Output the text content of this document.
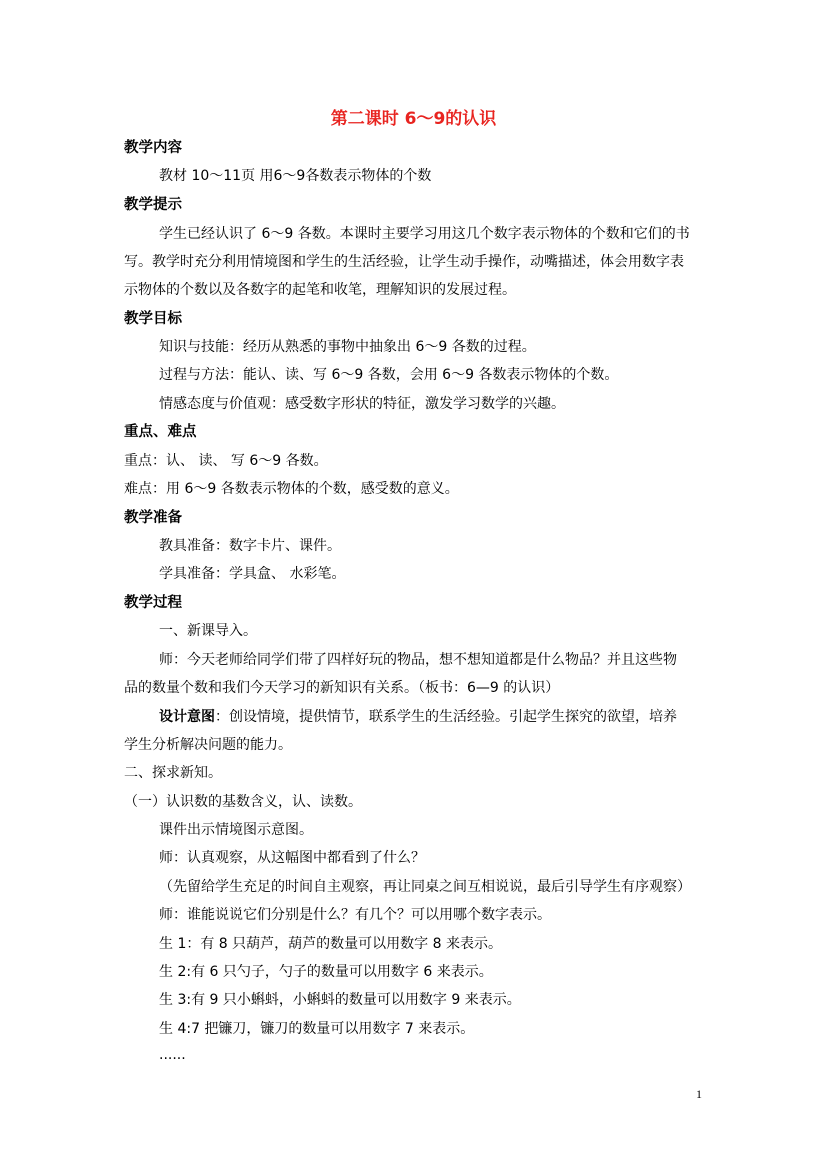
第二课时 6～9的认识
教学内容
教材 10～11页 用6～9各数表示物体的个数
教学提示
学生已经认识了 6～9 各数。本课时主要学习用这几个数字表示物体的个数和它们的书
写。教学时充分利用情境图和学生的生活经验，让学生动手操作，动嘴描述，体会用数字表
示物体的个数以及各数字的起笔和收笔，理解知识的发展过程。
教学目标
知识与技能：经历从熟悉的事物中抽象出 6～9 各数的过程。
过程与方法：能认、读、写 6～9 各数，会用 6～9 各数表示物体的个数。
情感态度与价值观：感受数字形状的特征，激发学习数学的兴趣。
重点、难点
重点：认、 读、 写 6～9 各数。
难点：用 6～9 各数表示物体的个数，感受数的意义。
教学准备
教具准备：数字卡片、课件。
学具准备：学具盒、 水彩笔。
教学过程
一、新课导入。
师：今天老师给同学们带了四样好玩的物品，想不想知道都是什么物品？并且这些物
品的数量个数和我们今天学习的新知识有关系。（板书：6—9 的认识）
设计意图：创设情境，提供情节，联系学生的生活经验。引起学生探究的欲望，培养
学生分析解决问题的能力。
二、探求新知。
（一）认识数的基数含义，认、读数。
课件出示情境图示意图。
师：认真观察，从这幅图中都看到了什么？
（先留给学生充足的时间自主观察，再让同桌之间互相说说，最后引导学生有序观察）
师：谁能说说它们分别是什么？有几个？可以用哪个数字表示。
生 1：有 8 只葫芦，葫芦的数量可以用数字 8 来表示。
生 2:有 6 只勺子，勺子的数量可以用数字 6 来表示。
生 3:有 9 只小蝌蚪，小蝌蚪的数量可以用数字 9 来表示。
生 4:7 把镰刀，镰刀的数量可以用数字 7 来表示。
......
1
